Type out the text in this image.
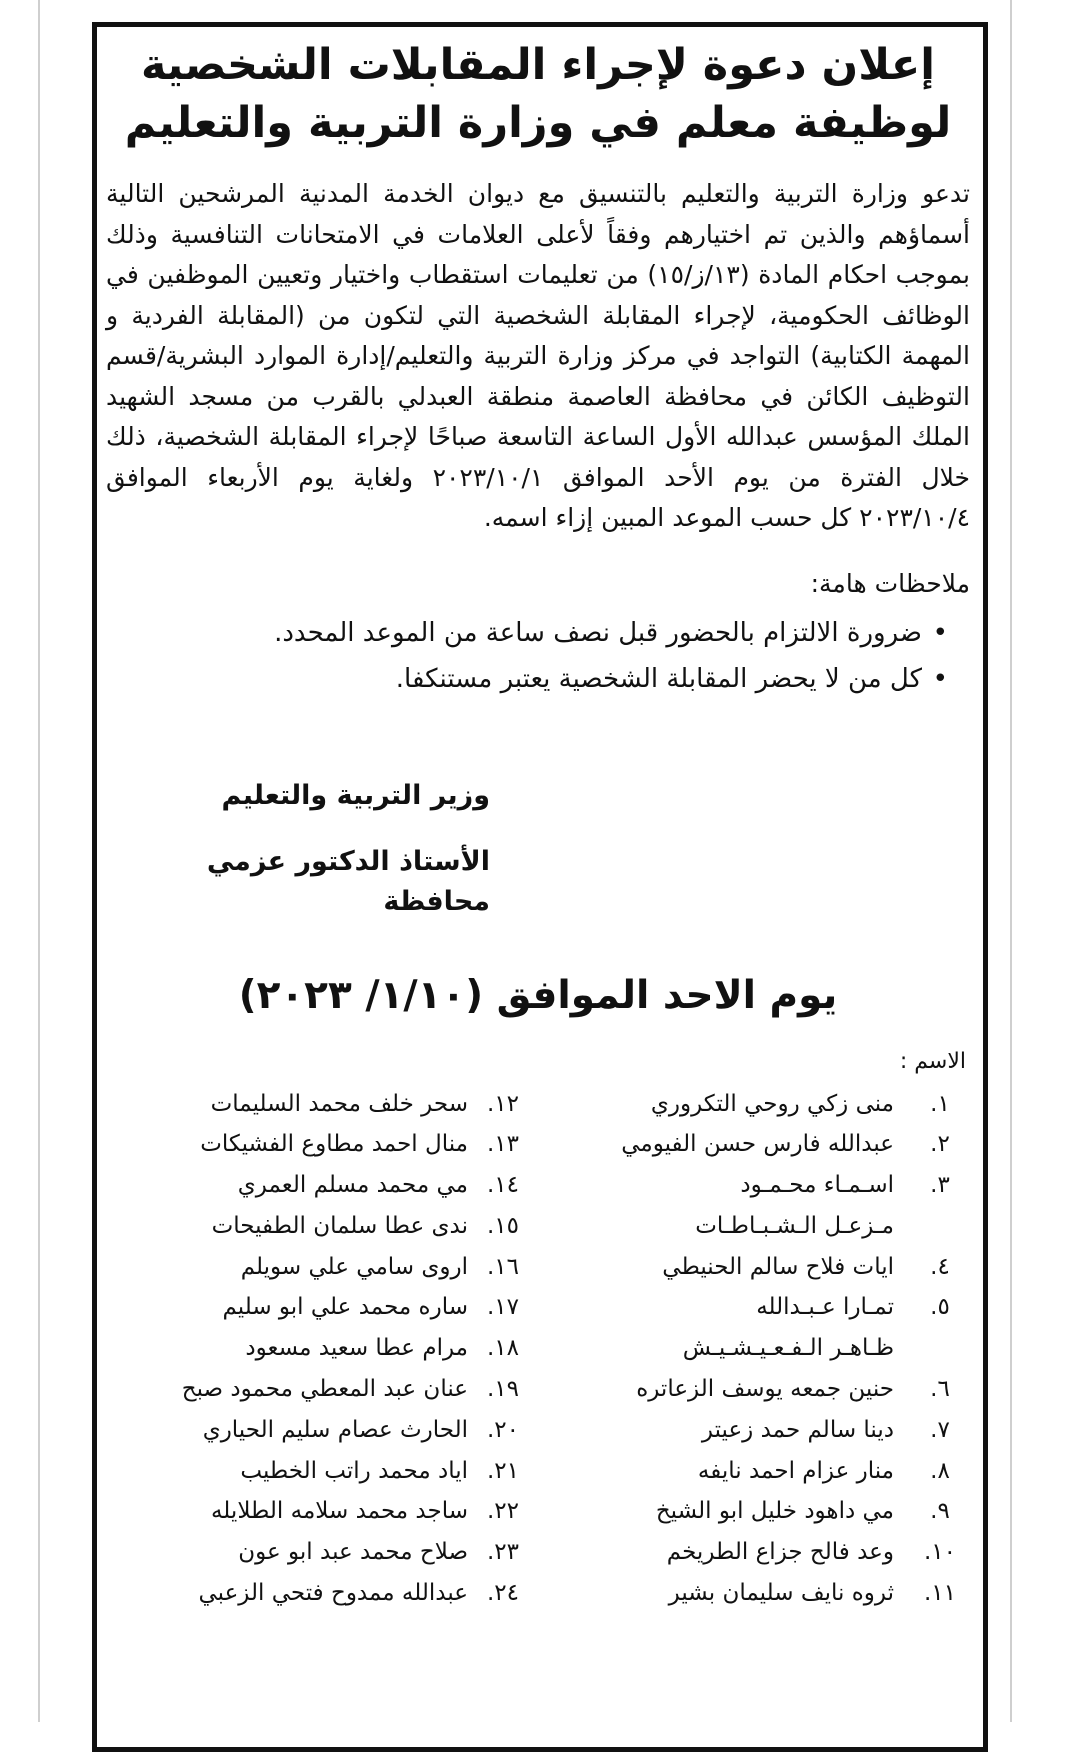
إعلان دعوة لإجراء المقابلات الشخصية
لوظيفة معلم في وزارة التربية والتعليم

تدعو وزارة التربية والتعليم بالتنسيق مع ديوان الخدمة المدنية المرشحين التالية أسماؤهم والذين تم اختيارهم وفقاً لأعلى العلامات في الامتحانات التنافسية وذلك بموجب احكام المادة (١٣/ز/١٥) من تعليمات استقطاب واختيار وتعيين الموظفين في الوظائف الحكومية، لإجراء المقابلة الشخصية التي لتكون من (المقابلة الفردية و المهمة الكتابية) التواجد في مركز وزارة التربية والتعليم/إدارة الموارد البشرية/قسم التوظيف الكائن في محافظة العاصمة منطقة العبدلي بالقرب من مسجد الشهيد الملك المؤسس عبدالله الأول الساعة التاسعة صباحًا لإجراء المقابلة الشخصية، ذلك خلال الفترة من يوم الأحد الموافق ٢٠٢٣/١٠/١ ولغاية يوم الأربعاء الموافق ٢٠٢٣/١٠/٤ كل حسب الموعد المبين إزاء اسمه.

ملاحظات هامة:
•ضرورة الالتزام بالحضور قبل نصف ساعة من الموعد المحدد.
•كل من لا يحضر المقابلة الشخصية يعتبر مستنكفا.
وزير التربية والتعليم
الأستاذ الدكتور عزمي محافظة
يوم الاحد الموافق (١/١٠/ ٢٠٢٣)
الاسم :
١.
منى زكي روحي التكروري
٢.
عبدالله فارس حسن الفيومي
٣.
اسـمـاء محـمـود
مـزعـل الـشـبـاطـات
٤.
ايات فلاح سالم الحنيطي
٥.
تمـارا عـبـدالله
ظـاهـر الـفـعـيـشـيـش
٦.
حنين جمعه يوسف الزعاتره
٧.
دينا سالم حمد زعيتر
٨.
منار عزام احمد نايفه
٩.
مي داهود خليل ابو الشيخ
١٠.
وعد فالح جزاع الطريخم
١١.
ثروه نايف سليمان بشير
١٢.
سحر خلف محمد السليمات
١٣.
منال احمد مطاوع الفشيكات
١٤.
مي محمد مسلم العمري
١٥.
ندى عطا سلمان الطفيحات
١٦.
اروى سامي علي سويلم
١٧.
ساره محمد علي ابو سليم
١٨.
مرام عطا سعيد مسعود
١٩.
عنان عبد المعطي محمود صبح
٢٠.
الحارث عصام سليم الحياري
٢١.
اياد محمد راتب الخطيب
٢٢.
ساجد محمد سلامه الطلايله
٢٣.
صلاح محمد عبد ابو عون
٢٤.
عبدالله ممدوح فتحي الزعبي
